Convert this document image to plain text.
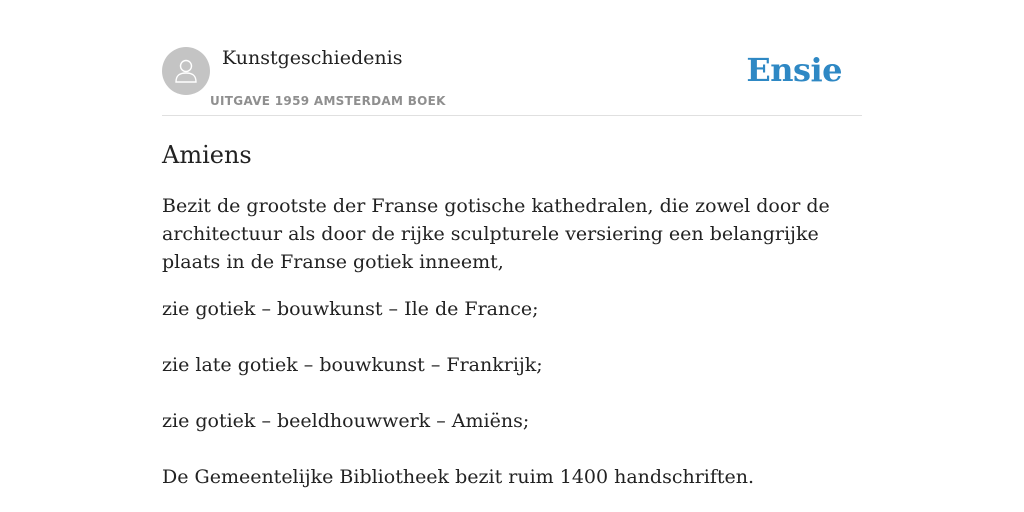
Kunstgeschiedenis
UITGAVE 1959 AMSTERDAM BOEK
Ensie
Amiens

Bezit de grootste der Franse gotische kathedralen, die zowel door de architectuur als door de rijke sculpturele versiering een belangrijke plaats in de Franse gotiek inneemt,

zie gotiek – bouwkunst – Ile de France;

zie late gotiek – bouwkunst – Frankrijk;

zie gotiek – beeldhouwwerk – Amiëns;

De Gemeentelijke Bibliotheek bezit ruim 1400 handschriften.
